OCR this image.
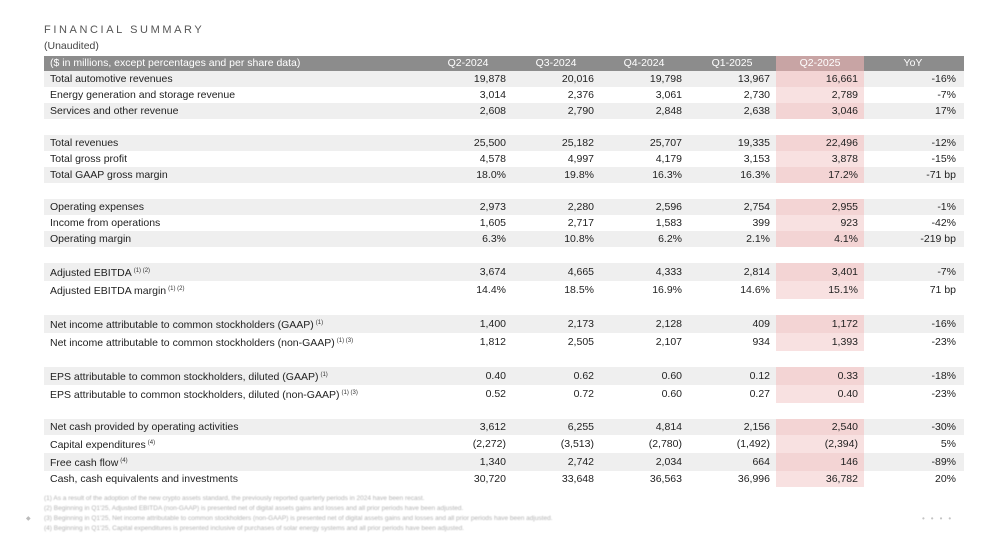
FINANCIAL SUMMARY
(Unaudited)
($ in millions, except percentages and per share data)	Q2-2024	Q3-2024	Q4-2024	Q1-2025	Q2-2025	YoY
Total automotive revenues	19,878	20,016	19,798	13,967	16,661	-16%
Energy generation and storage revenue	3,014	2,376	3,061	2,730	2,789	-7%
Services and other revenue	2,608	2,790	2,848	2,638	3,046	17%

Total revenues	25,500	25,182	25,707	19,335	22,496	-12%
Total gross profit	4,578	4,997	4,179	3,153	3,878	-15%
Total GAAP gross margin	18.0%	19.8%	16.3%	16.3%	17.2%	-71 bp

Operating expenses	2,973	2,280	2,596	2,754	2,955	-1%
Income from operations	1,605	2,717	1,583	399	923	-42%
Operating margin	6.3%	10.8%	6.2%	2.1%	4.1%	-219 bp

Adjusted EBITDA $^{(1) (2)}$	3,674	4,665	4,333	2,814	3,401	-7%
Adjusted EBITDA margin $^{(1) (2)}$	14.4%	18.5%	16.9%	14.6%	15.1%	71 bp

Net income attributable to common stockholders (GAAP) $^{(1)}$	1,400	2,173	2,128	409	1,172	-16%
Net income attributable to common stockholders (non-GAAP) $^{(1) (3)}$	1,812	2,505	2,107	934	1,393	-23%

EPS attributable to common stockholders, diluted (GAAP) $^{(1)}$	0.40	0.62	0.60	0.12	0.33	-18%
EPS attributable to common stockholders, diluted (non-GAAP) $^{(1) (3)}$	0.52	0.72	0.60	0.27	0.40	-23%

Net cash provided by operating activities	3,612	6,255	4,814	2,156	2,540	-30%
Capital expenditures $^{(4)}$	(2,272)	(3,513)	(2,780)	(1,492)	(2,394)	5%
Free cash flow $^{(4)}$	1,340	2,742	2,034	664	146	-89%
Cash, cash equivalents and investments	30,720	33,648	36,563	36,996	36,782	20%
(1) As a result of the adoption of the new crypto assets standard, the previously reported quarterly periods in 2024 have been recast.
(2) Beginning in Q1'25, Adjusted EBITDA (non-GAAP) is presented net of digital assets gains and losses and all prior periods have been adjusted.
(3) Beginning in Q1'25, Net income attributable to common stockholders (non-GAAP) is presented net of digital assets gains and losses and all prior periods have been adjusted.
(4) Beginning in Q1'25, Capital expenditures is presented inclusive of purchases of solar energy systems and all prior periods have been adjusted.
◆	••••
